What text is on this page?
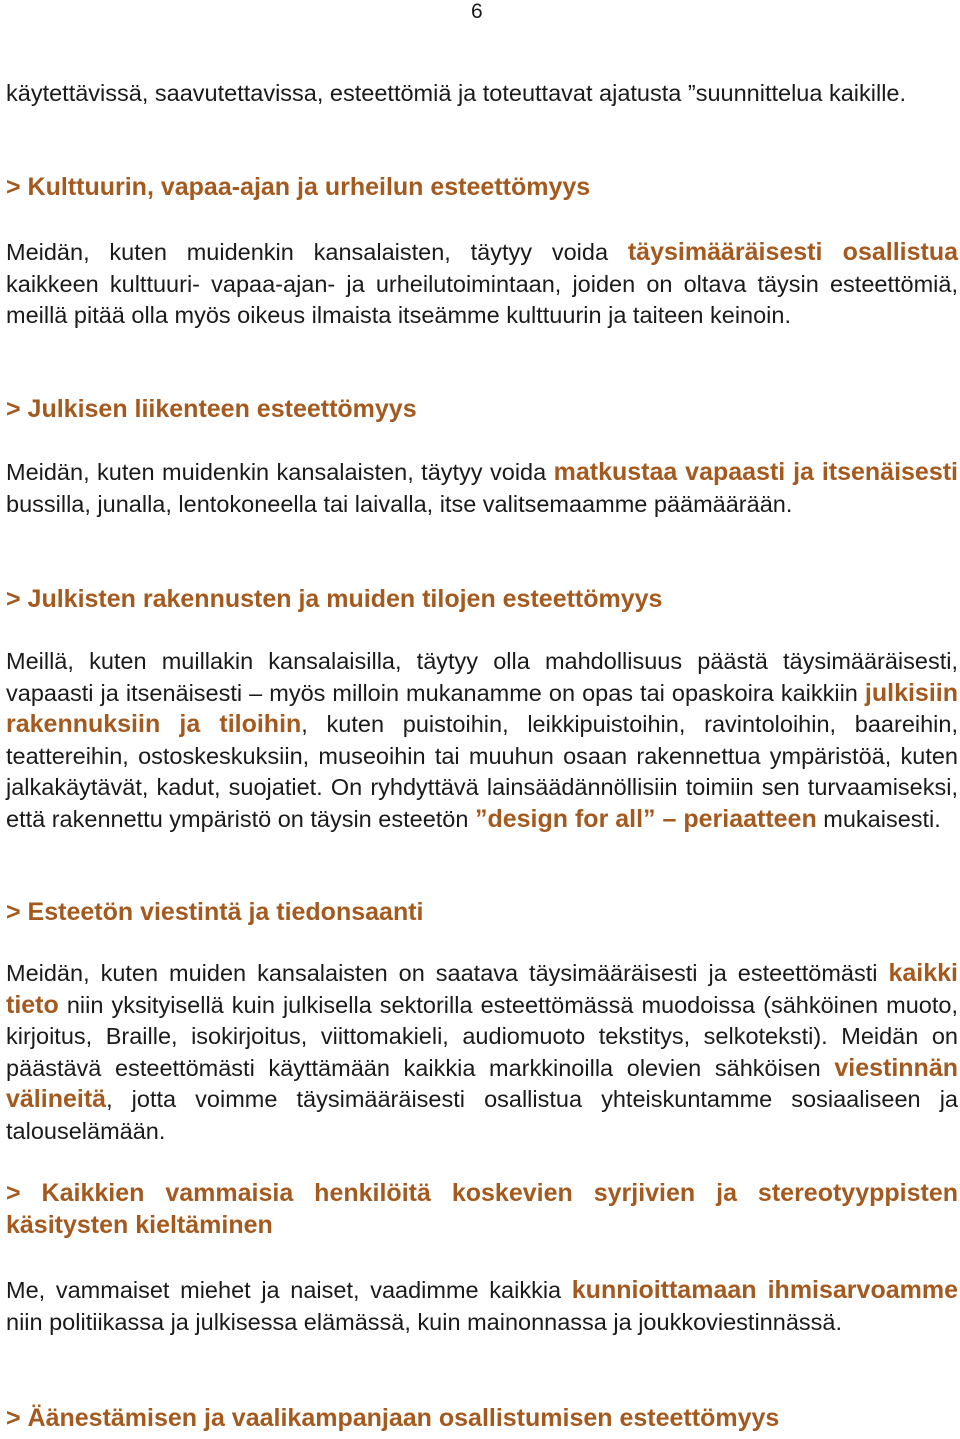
6
käytettävissä, saavutettavissa, esteettömiä ja toteuttavat ajatusta ”suunnittelua kaikille.
> Kulttuurin, vapaa-ajan ja urheilun esteettömyys
Meidän, kuten muidenkin kansalaisten, täytyy voida täysimääräisesti osallistua kaikkeen kulttuuri- vapaa-ajan- ja urheilutoimintaan, joiden on oltava täysin esteettömiä, meillä pitää olla myös oikeus ilmaista itseämme kulttuurin ja taiteen keinoin.
> Julkisen liikenteen esteettömyys
Meidän, kuten muidenkin kansalaisten, täytyy voida matkustaa vapaasti ja itsenäisesti bussilla, junalla, lentokoneella tai laivalla, itse valitsemaamme päämäärään.
> Julkisten rakennusten ja muiden tilojen esteettömyys
Meillä, kuten muillakin kansalaisilla, täytyy olla mahdollisuus päästä täysimääräisesti, vapaasti ja itsenäisesti – myös milloin mukanamme on opas tai opaskoira kaikkiin julkisiin rakennuksiin ja tiloihin, kuten puistoihin, leikkipuistoihin, ravintoloihin, baareihin, teattereihin, ostoskeskuksiin, museoihin tai muuhun osaan rakennettua ympäristöä, kuten jalkakäytävät, kadut, suojatiet. On ryhdyttävä lainsäädännöllisiin toimiin sen turvaamiseksi, että rakennettu ympäristö on täysin esteetön ”design for all” – periaatteen mukaisesti.
> Esteetön viestintä ja tiedonsaanti
Meidän, kuten muiden kansalaisten on saatava täysimääräisesti ja esteettömästi kaikki tieto niin yksityisellä kuin julkisella sektorilla esteettömässä muodoissa (sähköinen muoto, kirjoitus, Braille, isokirjoitus, viittomakieli, audiomuoto tekstitys, selkoteksti). Meidän on päästävä esteettömästi käyttämään kaikkia markkinoilla olevien sähköisen viestinnän välineitä, jotta voimme täysimääräisesti osallistua yhteiskuntamme sosiaaliseen ja talouselämään.
> Kaikkien vammaisia henkilöitä koskevien syrjivien ja stereotyyppisten käsitysten kieltäminen
Me, vammaiset miehet ja naiset, vaadimme kaikkia kunnioittamaan ihmisarvoamme niin politiikassa ja julkisessa elämässä, kuin mainonnassa ja joukkoviestinnässä.
> Äänestämisen ja vaalikampanjaan osallistumisen esteettömyys
